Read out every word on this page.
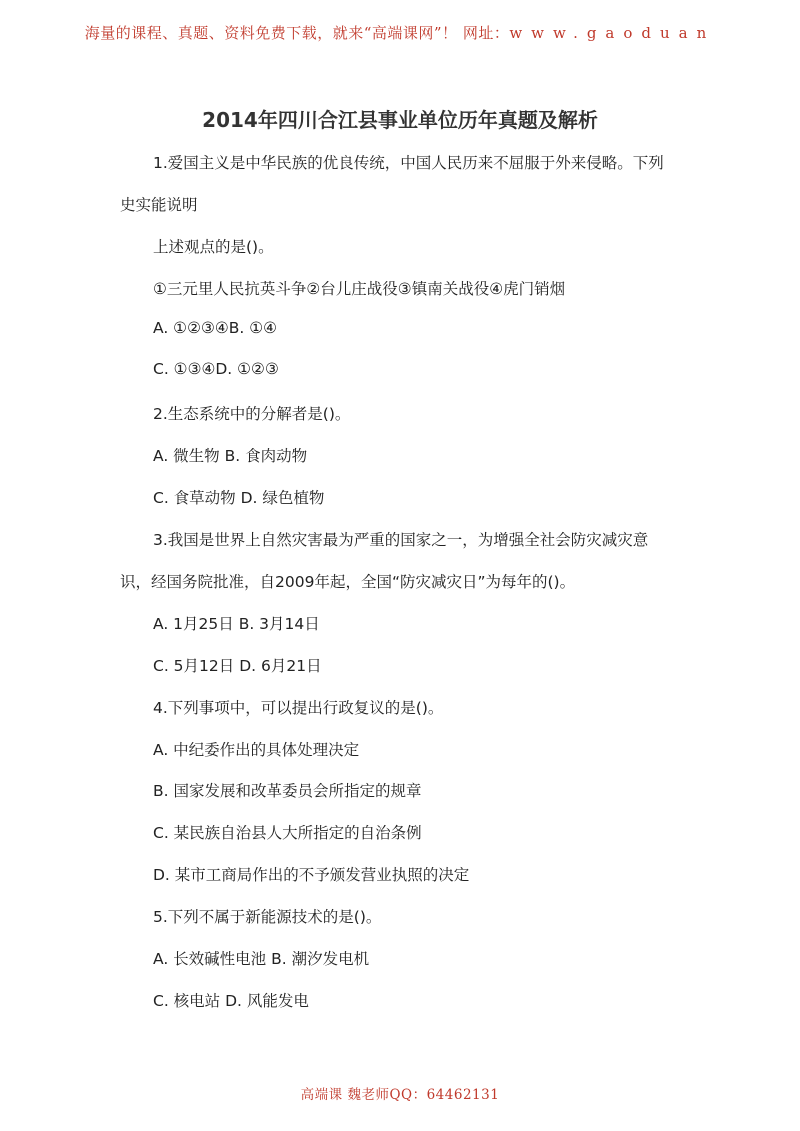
海量的课程、真题、资料免费下载，就来“高端课网”！ 网址：www.gaoduan
2014年四川合江县事业单位历年真题及解析

1.爱国主义是中华民族的优良传统，中国人民历来不屈服于外来侵略。下列

史实能说明

上述观点的是()。

①三元里人民抗英斗争②台儿庄战役③镇南关战役④虎门销烟

A. ①②③④B. ①④

C. ①③④D. ①②③

2.生态系统中的分解者是()。

A. 微生物 B. 食肉动物

C. 食草动物 D. 绿色植物

3.我国是世界上自然灾害最为严重的国家之一，为增强全社会防灾减灾意

识，经国务院批准，自2009年起，全国“防灾减灾日”为每年的()。

A. 1月25日 B. 3月14日

C. 5月12日 D. 6月21日

4.下列事项中，可以提出行政复议的是()。

A. 中纪委作出的具体处理决定

B. 国家发展和改革委员会所指定的规章

C. 某民族自治县人大所指定的自治条例

D. 某市工商局作出的不予颁发营业执照的决定

5.下列不属于新能源技术的是()。

A. 长效碱性电池 B. 潮汐发电机

C. 核电站 D. 风能发电

高端课 魏老师QQ：64462131
